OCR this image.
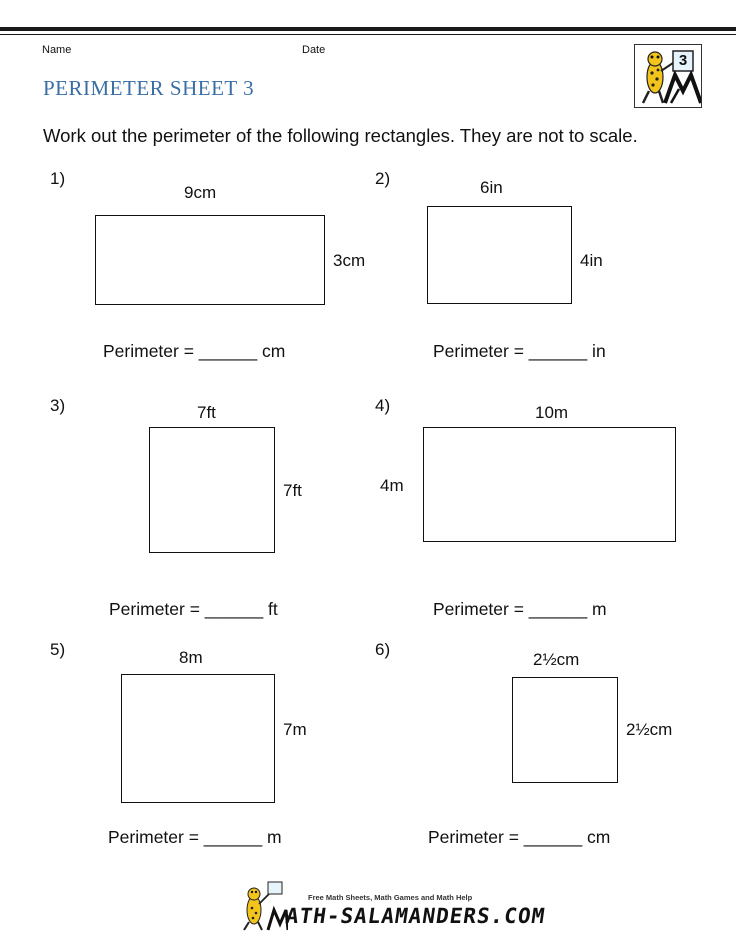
Name	Date
3
PERIMETER SHEET 3
Work out the perimeter of the following rectangles. They are not to scale.
1)
9cm
3cm
Perimeter = ______ cm
2)	6in
4in
Perimeter = ______ in
3)	7ft
7ft
Perimeter = ______ ft
4)	10m
4m
Perimeter = ______ m
5)	8m
7m
Perimeter = ______ m
6)
2½cm
2½cm
Perimeter = ______ cm
Free Math Sheets, Math Games and Math Help
ATH-SALAMANDERS.COM
